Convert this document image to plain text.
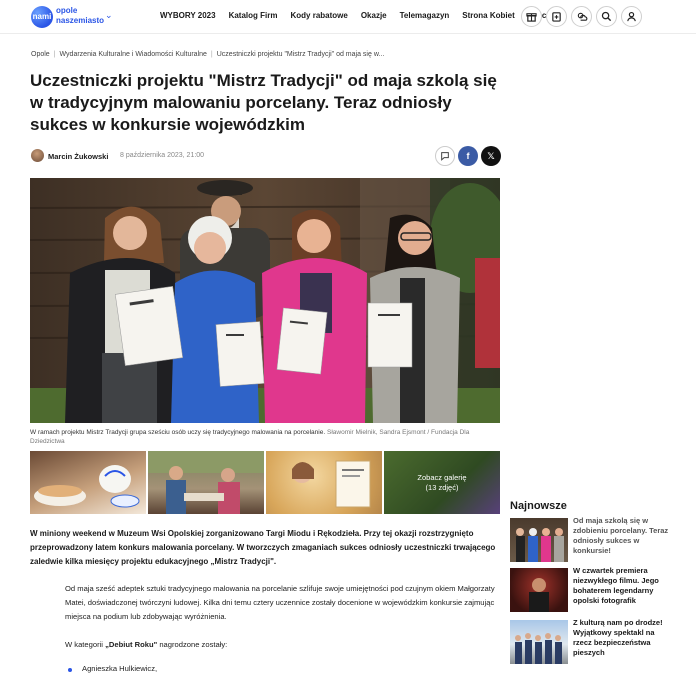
nami
opole
naszemiasto
⌄	WYBORY 2023 Katalog Firm Kody rabatowe Okazje Telemagazyn Strona Kobiet
Opole | Wydarzenia Kulturalne i Wiadomości Kulturalne | Uczestniczki projektu "Mistrz Tradycji" od maja się w...
Uczestniczki projektu "Mistrz Tradycji" od maja szkolą się w tradycyjnym malowaniu porcelany. Teraz odniosły sukces w konkursie wojewódzkim
Marcin Żukowski 8 października 2023, 21:00	f	𝕏
W ramach projektu Mistrz Tradycji grupa sześciu osób uczy się tradycyjnego malowania na porcelanie. Sławomir Mielnik, Sandra Ejsmont / Fundacja Dla Dziedzictwa
Zobacz galerię
(13 zdjęć)

W miniony weekend w Muzeum Wsi Opolskiej zorganizowano Targi Miodu i Rękodzieła. Przy tej okazji rozstrzygnięto przeprowadzony latem konkurs malowania porcelany. W tworzczych zmaganiach sukces odniosły uczestniczki trwającego zaledwie kilka miesięcy projektu edukacyjnego „Mistrz Tradycji".

Od maja sześć adeptek sztuki tradycyjnego malowania na porcelanie szlifuje swoje umiejętności pod czujnym okiem Małgorzaty Matei, doświadczonej twórczyni ludowej. Kilka dni temu cztery uczennice zostały docenione w wojewódzkim konkursie zajmując miejsca na podium lub zdobywając wyróżnienia.

W kategorii „Debiut Roku" nagrodzone zostały:

Agnieszka Hulkiewicz,

Najnowsze
Od maja szkolą się w zdobieniu porcelany. Teraz odniosły sukces w konkursie!
W czwartek premiera niezwykłego filmu. Jego bohaterem legendarny opolski fotografik
Z kulturą nam po drodze! Wyjątkowy spektakl na rzecz bezpieczeństwa pieszych
